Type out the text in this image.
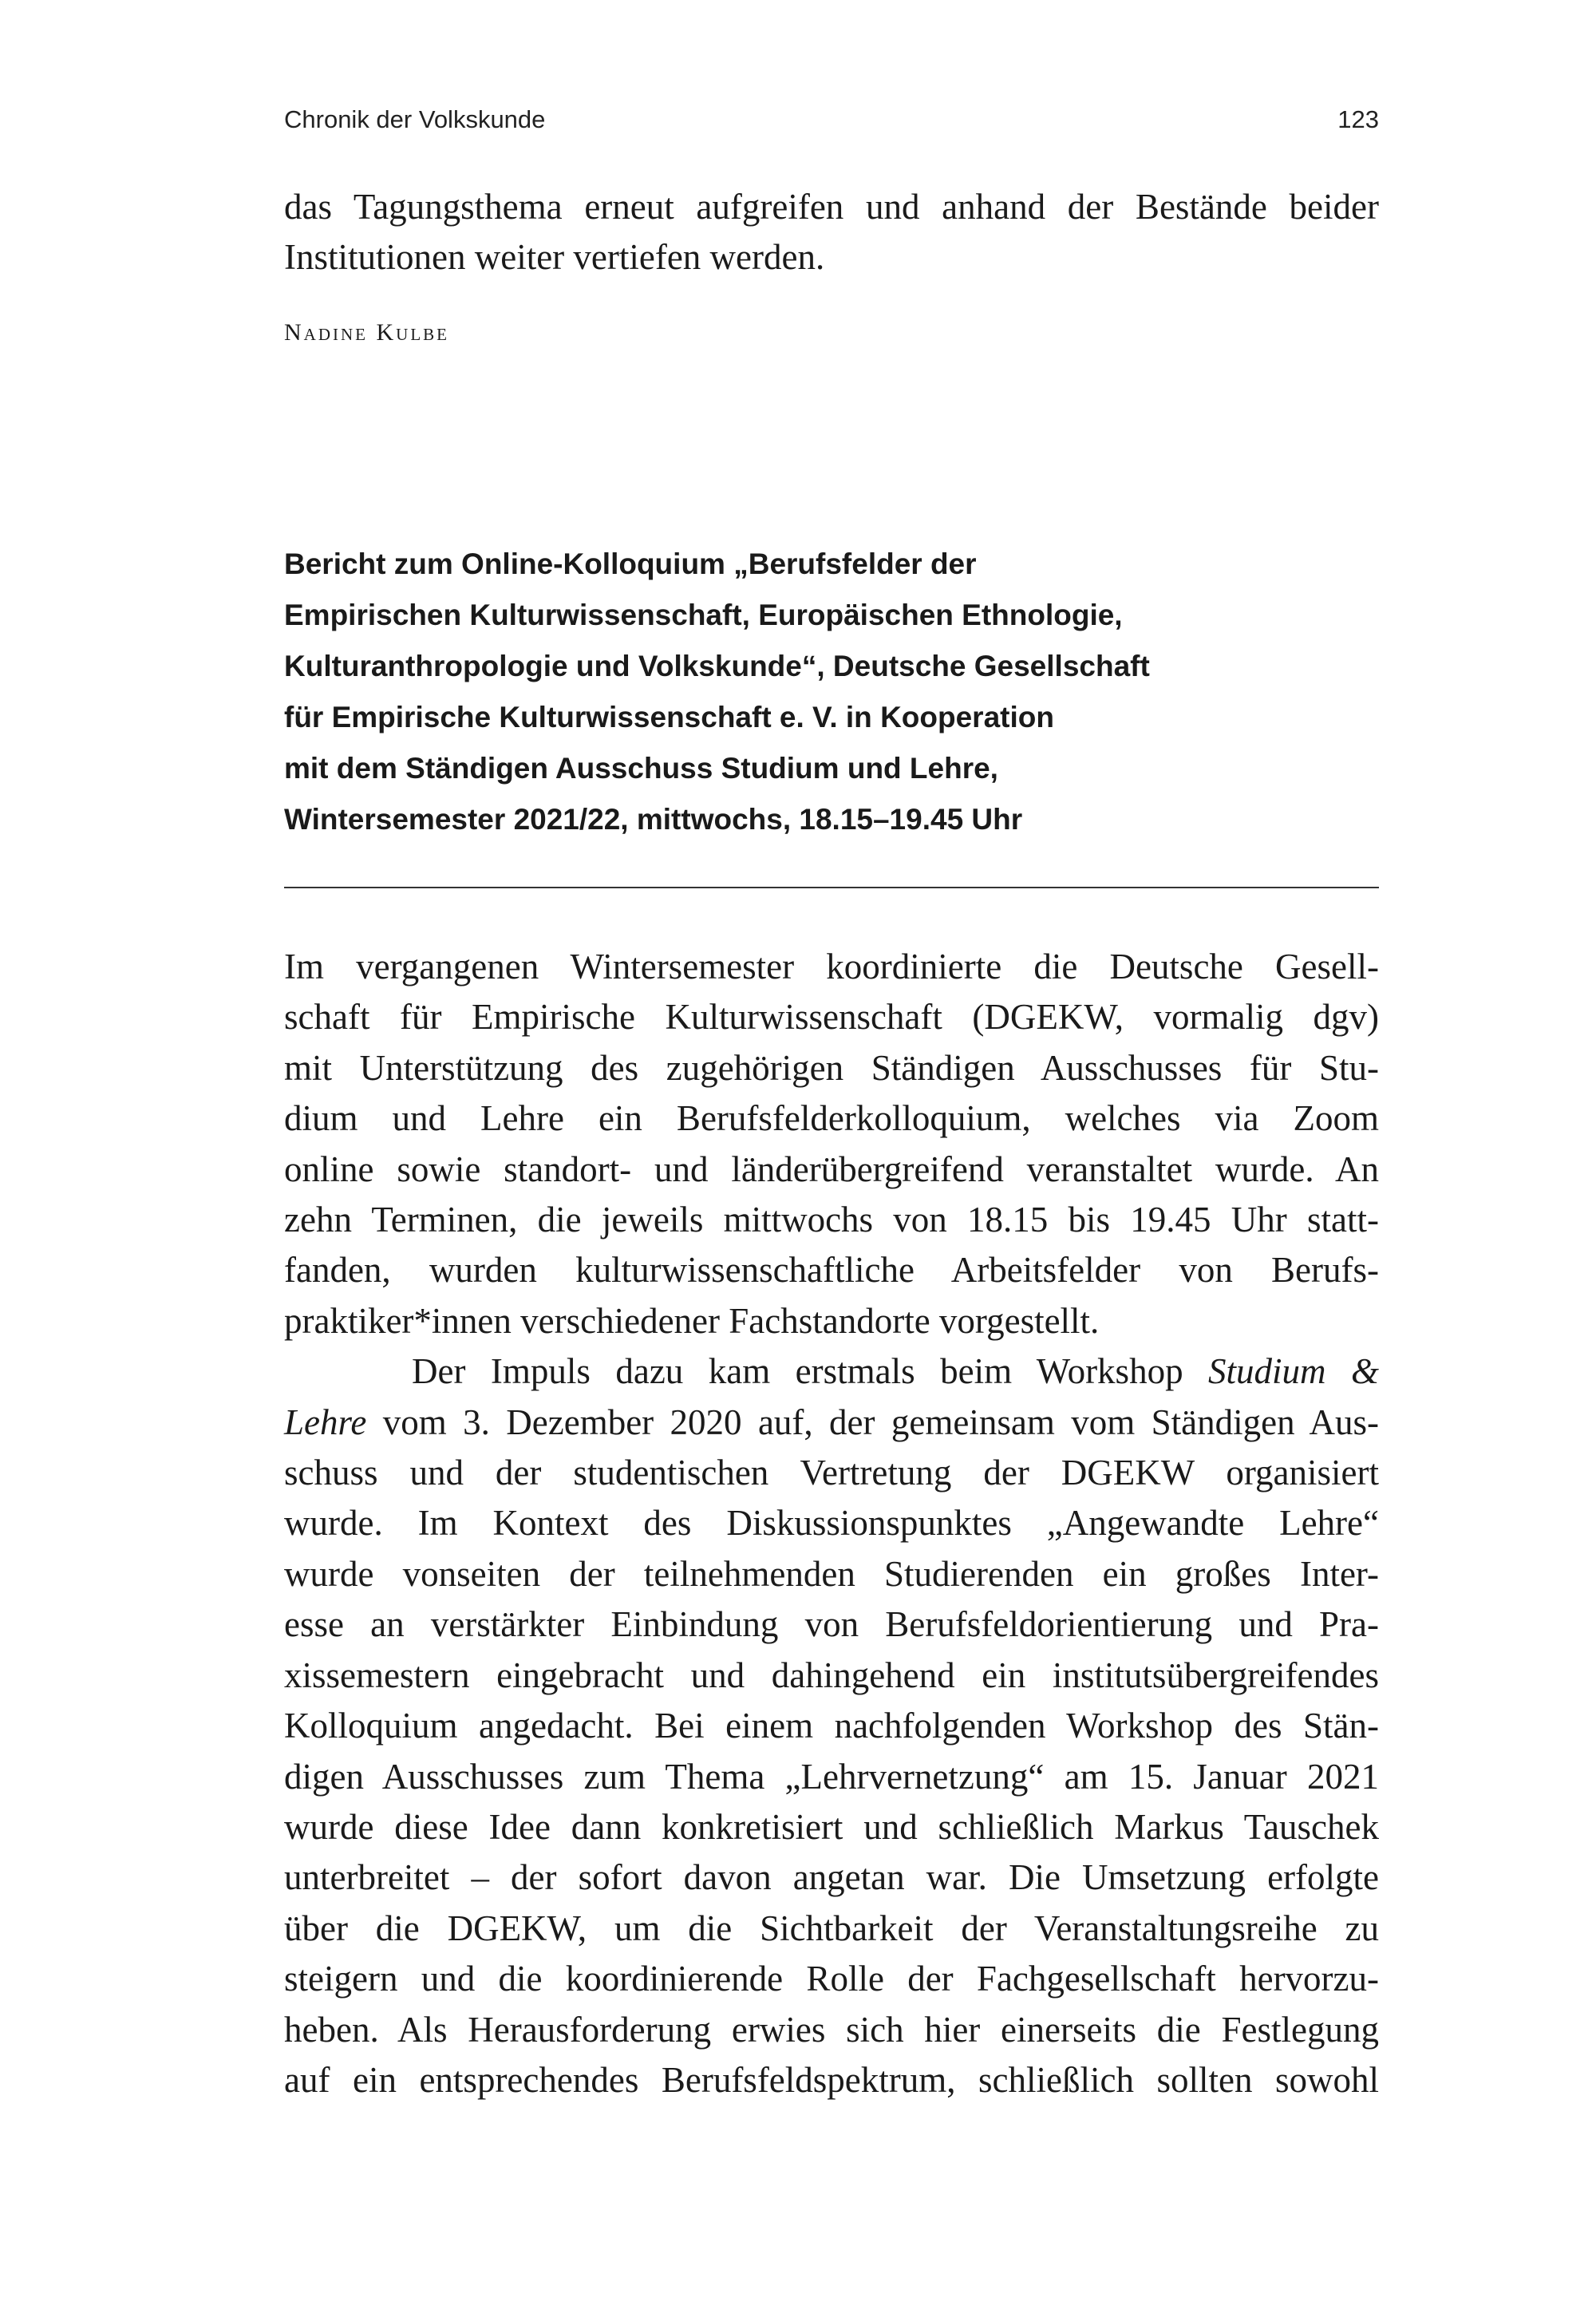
Chronik der Volkskunde	123
das Tagungsthema erneut aufgreifen und anhand der Bestände beider
Institutionen weiter vertiefen werden.
Nadine Kulbe
Bericht zum Online-Kolloquium „Berufsfelder der
Empirischen Kulturwissenschaft, Europäischen Ethnologie,
Kulturanthropologie und Volkskunde“, Deutsche Gesellschaft
für Empirische Kulturwissenschaft e. V. in Kooperation
mit dem Ständigen Ausschuss Studium und Lehre,
Wintersemester 2021/22, mittwochs, 18.15–19.45 Uhr
Im vergangenen Wintersemester koordinierte die Deutsche Gesell-
schaft für Empirische Kulturwissenschaft (DGEKW, vormalig dgv)
mit Unterstützung des zugehörigen Ständigen Ausschusses für Stu-
dium und Lehre ein Berufsfelderkolloquium, welches via Zoom
online sowie standort- und länderübergreifend veranstaltet wurde. An
zehn Terminen, die jeweils mittwochs von 18.15 bis 19.45 Uhr statt-
fanden, wurden kulturwissenschaftliche Arbeitsfelder von Berufs-
praktiker*innen verschiedener Fachstandorte vorgestellt.
Der Impuls dazu kam erstmals beim Workshop Studium &
Lehre vom 3. Dezember 2020 auf, der gemeinsam vom Ständigen Aus-
schuss und der studentischen Vertretung der DGEKW organisiert
wurde. Im Kontext des Diskussionspunktes „Angewandte Lehre“
wurde vonseiten der teilnehmenden Studierenden ein großes Inter-
esse an verstärkter Einbindung von Berufsfeldorientierung und Pra-
xissemestern eingebracht und dahingehend ein institutsübergreifendes
Kolloquium angedacht. Bei einem nachfolgenden Workshop des Stän-
digen Ausschusses zum Thema „Lehrvernetzung“ am 15. Januar 2021
wurde diese Idee dann konkretisiert und schließlich Markus Tauschek
unterbreitet – der sofort davon angetan war. Die Umsetzung erfolgte
über die DGEKW, um die Sichtbarkeit der Veranstaltungsreihe zu
steigern und die koordinierende Rolle der Fachgesellschaft hervorzu-
heben. Als Herausforderung erwies sich hier einerseits die Festlegung
auf ein entsprechendes Berufsfeldspektrum, schließlich sollten sowohl
